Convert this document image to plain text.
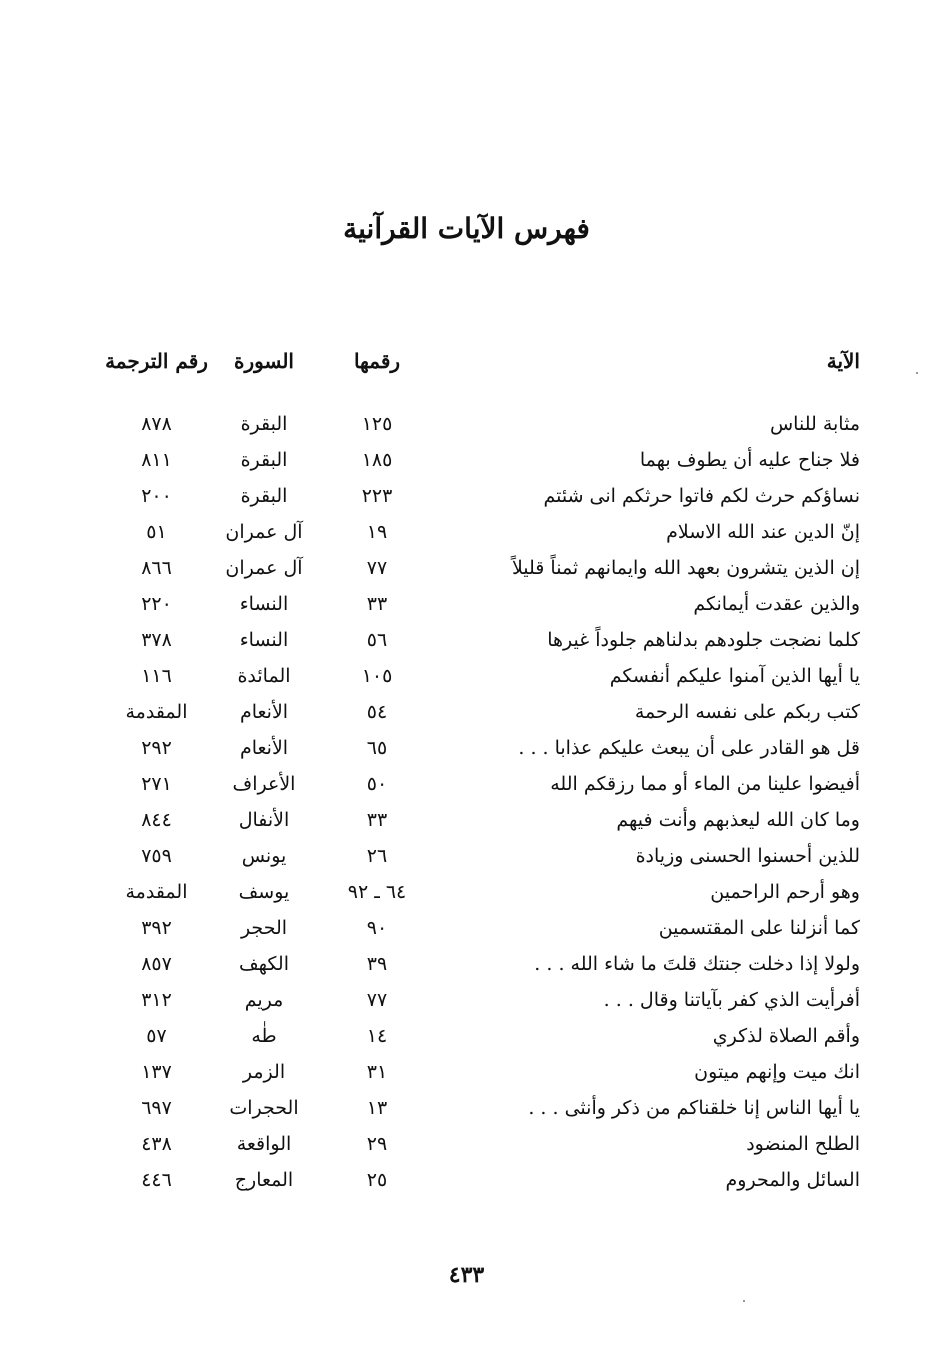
فهرس الآيات القرآنية
الآية
رقمها
السورة
رقم الترجمة
مثابة للناس
١٢٥
البقرة
٨٧٨
فلا جناح عليه أن يطوف بهما
١٨٥
البقرة
٨١١
نساؤكم حرث لكم فاتوا حرثكم انى شئتم
٢٢٣
البقرة
٢٠٠
إنّ الدين عند الله الاسلام
١٩
آل عمران
٥١
إن الذين يتشرون بعهد الله وايمانهم ثمناً قليلاً
٧٧
آل عمران
٨٦٦
والذين عقدت أيمانكم
٣٣
النساء
٢٢٠
كلما نضجت جلودهم بدلناهم جلوداً غيرها
٥٦
النساء
٣٧٨
يا أيها الذين آمنوا عليكم أنفسكم
١٠٥
المائدة
١١٦
كتب ربكم على نفسه الرحمة
٥٤
الأنعام
المقدمة
قل هو القادر على أن يبعث عليكم عذابا . . .
٦٥
الأنعام
٢٩٢
أفيضوا علينا من الماء أو مما رزقكم الله
٥٠
الأعراف
٢٧١
وما كان الله ليعذبهم وأنت فيهم
٣٣
الأنفال
٨٤٤
للذين أحسنوا الحسنى وزيادة
٢٦
يونس
٧٥٩
وهو أرحم الراحمين
٦٤ ـ ٩٢
يوسف
المقدمة
كما أنزلنا على المقتسمين
٩٠
الحجر
٣٩٢
ولولا إذا دخلت جنتك قلتَ ما شاء الله . . .
٣٩
الكهف
٨٥٧
أفرأيت الذي كفر بآياتنا وقال . . .
٧٧
مريم
٣١٢
وأقم الصلاة لذكري
١٤
طٰه
٥٧
انك ميت وإنهم ميتون
٣١
الزمر
١٣٧
يا أيها الناس إنا خلقناكم من ذكر وأنثى . . .
١٣
الحجرات
٦٩٧
الطلح المنضود
٢٩
الواقعة
٤٣٨
السائل والمحروم
٢٥
المعارج
٤٤٦
٤٣٣
